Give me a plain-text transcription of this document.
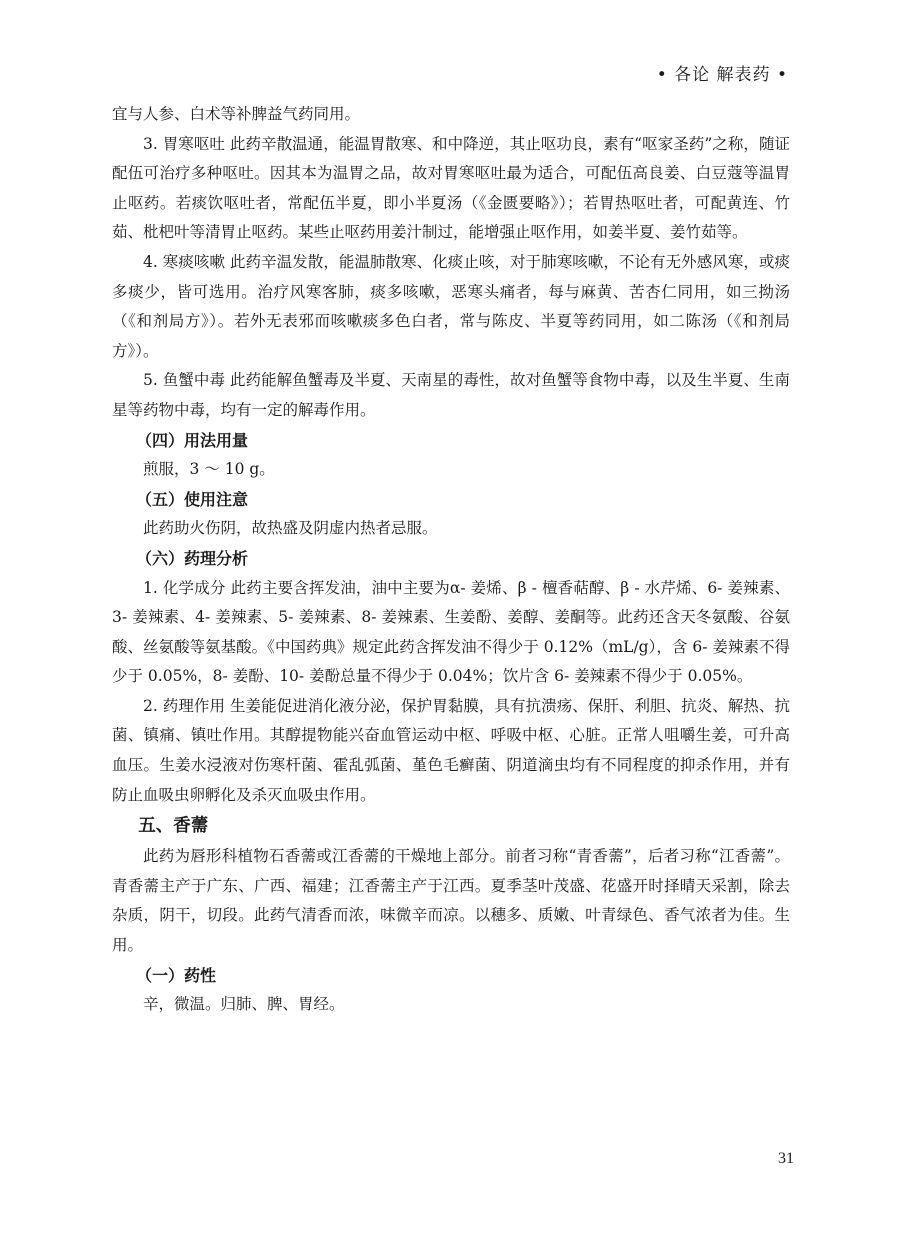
• 各论 解表药 •

宜与人参、白术等补脾益气药同用。

3. 胃寒呕吐 此药辛散温通，能温胃散寒、和中降逆，其止呕功良，素有“呕家圣药”之称，随证配伍可治疗多种呕吐。因其本为温胃之品，故对胃寒呕吐最为适合，可配伍高良姜、白豆蔻等温胃止呕药。若痰饮呕吐者，常配伍半夏，即小半夏汤（《金匮要略》）；若胃热呕吐者，可配黄连、竹茹、枇杷叶等清胃止呕药。某些止呕药用姜汁制过，能增强止呕作用，如姜半夏、姜竹茹等。

4. 寒痰咳嗽 此药辛温发散，能温肺散寒、化痰止咳，对于肺寒咳嗽，不论有无外感风寒，或痰多痰少，皆可选用。治疗风寒客肺，痰多咳嗽，恶寒头痛者，每与麻黄、苦杏仁同用，如三拗汤（《和剂局方》）。若外无表邪而咳嗽痰多色白者，常与陈皮、半夏等药同用，如二陈汤（《和剂局方》）。

5. 鱼蟹中毒 此药能解鱼蟹毒及半夏、天南星的毒性，故对鱼蟹等食物中毒，以及生半夏、生南星等药物中毒，均有一定的解毒作用。

（四）用法用量

煎服，3 ～ 10 g。

（五）使用注意

此药助火伤阴，故热盛及阴虚内热者忌服。

（六）药理分析

1. 化学成分 此药主要含挥发油，油中主要为α- 姜烯、β - 檀香萜醇、β - 水芹烯、6- 姜辣素、3- 姜辣素、4- 姜辣素、5- 姜辣素、8- 姜辣素、生姜酚、姜醇、姜酮等。此药还含天冬氨酸、谷氨酸、丝氨酸等氨基酸。《中国药典》规定此药含挥发油不得少于 0.12%（mL/g），含 6- 姜辣素不得少于 0.05%，8- 姜酚、10- 姜酚总量不得少于 0.04%；饮片含 6- 姜辣素不得少于 0.05%。

2. 药理作用 生姜能促进消化液分泌，保护胃黏膜，具有抗溃疡、保肝、利胆、抗炎、解热、抗菌、镇痛、镇吐作用。其醇提物能兴奋血管运动中枢、呼吸中枢、心脏。正常人咀嚼生姜，可升高血压。生姜水浸液对伤寒杆菌、霍乱弧菌、堇色毛癣菌、阴道滴虫均有不同程度的抑杀作用，并有防止血吸虫卵孵化及杀灭血吸虫作用。

五、香薷

此药为唇形科植物石香薷或江香薷的干燥地上部分。前者习称“青香薷”，后者习称“江香薷”。青香薷主产于广东、广西、福建；江香薷主产于江西。夏季茎叶茂盛、花盛开时择晴天采割，除去杂质，阴干，切段。此药气清香而浓，味微辛而凉。以穗多、质嫩、叶青绿色、香气浓者为佳。生用。

（一）药性

辛，微温。归肺、脾、胃经。

31
